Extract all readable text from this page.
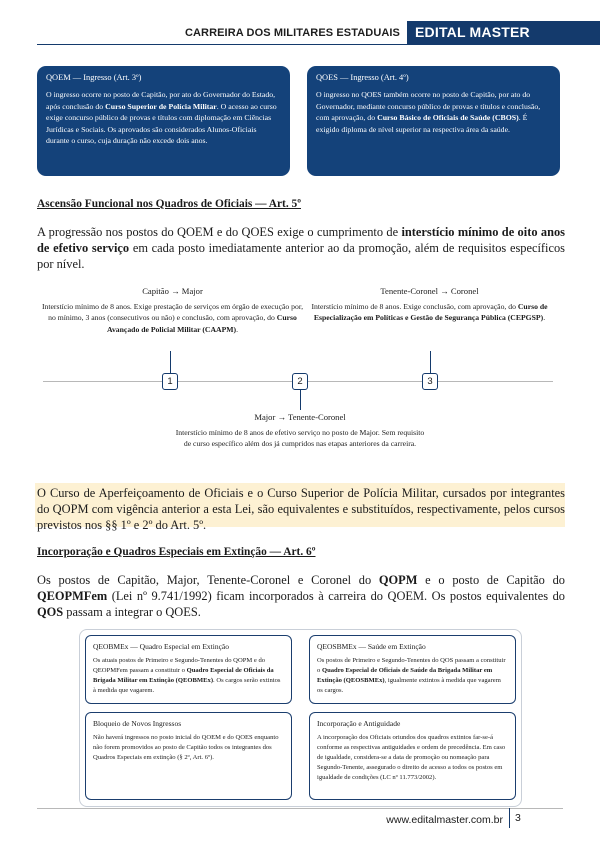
CARREIRA DOS MILITARES ESTADUAIS	EDITAL MASTER
QOEM — Ingresso (Art. 3º)
O ingresso ocorre no posto de Capitão, por ato do Governador do Estado, após conclusão do Curso Superior de Polícia Militar. O acesso ao curso exige concurso público de provas e títulos com diplomação em Ciências Jurídicas e Sociais. Os aprovados são considerados Alunos-Oficiais durante o curso, cuja duração não excede dois anos.
QOES — Ingresso (Art. 4º)
O ingresso no QOES também ocorre no posto de Capitão, por ato do Governador, mediante concurso público de provas e títulos e conclusão, com aprovação, do Curso Básico de Oficiais de Saúde (CBOS). É exigido diploma de nível superior na respectiva área da saúde.
Ascensão Funcional nos Quadros de Oficiais — Art. 5º
A progressão nos postos do QOEM e do QOES exige o cumprimento de interstício mínimo de oito anos de efetivo serviço em cada posto imediatamente anterior ao da promoção, além de requisitos específicos por nível.
Capitão → Major
Interstício mínimo de 8 anos. Exige prestação de serviços em órgão de execução por, no mínimo, 3 anos (consecutivos ou não) e conclusão, com aprovação, do Curso Avançado de Policial Militar (CAAPM).
Tenente-Coronel → Coronel
Interstício mínimo de 8 anos. Exige conclusão, com aprovação, do Curso de Especialização em Políticas e Gestão de Segurança Pública (CEPGSP).
1	2	3
Major → Tenente-Coronel
Interstício mínimo de 8 anos de efetivo serviço no posto de Major. Sem requisito de curso específico além dos já cumpridos nas etapas anteriores da carreira.
O Curso de Aperfeiçoamento de Oficiais e o Curso Superior de Polícia Militar, cursados por integrantes do QOPM com vigência anterior a esta Lei, são equivalentes e substituídos, respectivamente, pelos cursos previstos nos §§ 1º e 2º do Art. 5º.
Incorporação e Quadros Especiais em Extinção — Art. 6º
Os postos de Capitão, Major, Tenente-Coronel e Coronel do QOPM e o posto de Capitão do QEOPMFem (Lei nº 9.741/1992) ficam incorporados à carreira do QOEM. Os postos equivalentes do QOS passam a integrar o QOES.
QEOBMEx — Quadro Especial em Extinção
Os atuais postos de Primeiro e Segundo-Tenentes do QOPM e do QEOPMFem passam a constituir o Quadro Especial de Oficiais da Brigada Militar em Extinção (QEOBMEx). Os cargos serão extintos à medida que vagarem.
QEOSBMEx — Saúde em Extinção
Os postos de Primeiro e Segundo-Tenentes do QOS passam a constituir o Quadro Especial de Oficiais de Saúde da Brigada Militar em Extinção (QEOSBMEx), igualmente extintos à medida que vagarem os cargos.
Bloqueio de Novos Ingressos
Não haverá ingressos no posto inicial do QOEM e do QOES enquanto não forem promovidos ao posto de Capitão todos os integrantes dos Quadros Especiais em extinção (§ 2º, Art. 6º).
Incorporação e Antiguidade
A incorporação dos Oficiais oriundos dos quadros extintos far-se-á conforme as respectivas antiguidades e ordem de precedência. Em caso de igualdade, considera-se a data de promoção ou nomeação para Segundo-Tenente, assegurado o direito de acesso a todos os postos em igualdade de condições (LC nº 11.773/2002).
www.editalmaster.com.br	3
